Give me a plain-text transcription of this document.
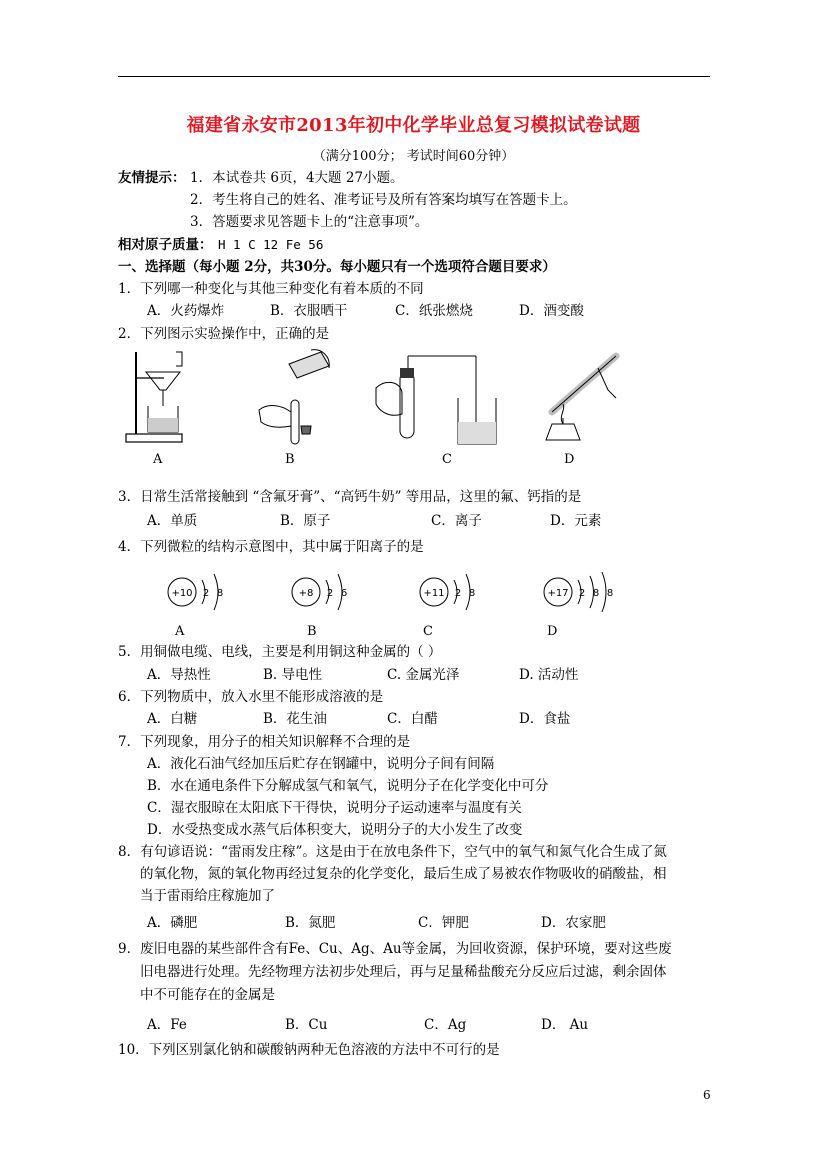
福建省永安市2013年初中化学毕业总复习模拟试卷试题
（满分100分； 考试时间60分钟）
友情提示： 1．本试卷共 6页，4大题 27小题。
2．考生将自己的姓名、准考证号及所有答案均填写在答题卡上。
3．答题要求见答题卡上的“注意事项”。
相对原子质量： H 1 C 12 Fe 56
一、选择题（每小题 2分，共30分。每小题只有一个选项符合题目要求）
1．下列哪一种变化与其他三种变化有着本质的不同
A．火药爆炸	B．衣服晒干	C．纸张燃烧	D．酒变酸
2．下列图示实验操作中，正确的是
A	B	C	D
3．日常生活常接触到 “含氟牙膏”、“高钙牛奶” 等用品，这里的氟、钙指的是
A．单质	B．原子	C．离子	D．元素
4．下列微粒的结构示意图中，其中属于阳离子的是
+10 2 8
A
+8 2 6
B
+11 2 8
C
+17 2 8 8
D
5．用铜做电缆、电线，主要是利用铜这种金属的（ ）
A．导热性	B. 导电性	C. 金属光泽	D. 活动性
6．下列物质中，放入水里不能形成溶液的是
A．白糖	B．花生油	C．白醋	D．食盐
7．下列现象，用分子的相关知识解释不合理的是
A．液化石油气经加压后贮存在钢罐中，说明分子间有间隔
B．水在通电条件下分解成氢气和氧气，说明分子在化学变化中可分
C．湿衣服晾在太阳底下干得快，说明分子运动速率与温度有关
D．水受热变成水蒸气后体积变大，说明分子的大小发生了改变
8．有句谚语说：“雷雨发庄稼”。这是由于在放电条件下，空气中的氧气和氮气化合生成了氮
的氧化物，氮的氧化物再经过复杂的化学变化，最后生成了易被农作物吸收的硝酸盐，相
当于雷雨给庄稼施加了
A．磷肥	B．氮肥	C．钾肥	D．农家肥
9．废旧电器的某些部件含有Fe、Cu、Ag、Au等金属，为回收资源，保护环境，要对这些废
旧电器进行处理。先经物理方法初步处理后，再与足量稀盐酸充分反应后过滤，剩余固体
中不可能存在的金属是
A．Fe	B．Cu	C．Ag	D． Au
10．下列区别氯化钠和碳酸钠两种无色溶液的方法中不可行的是
6
